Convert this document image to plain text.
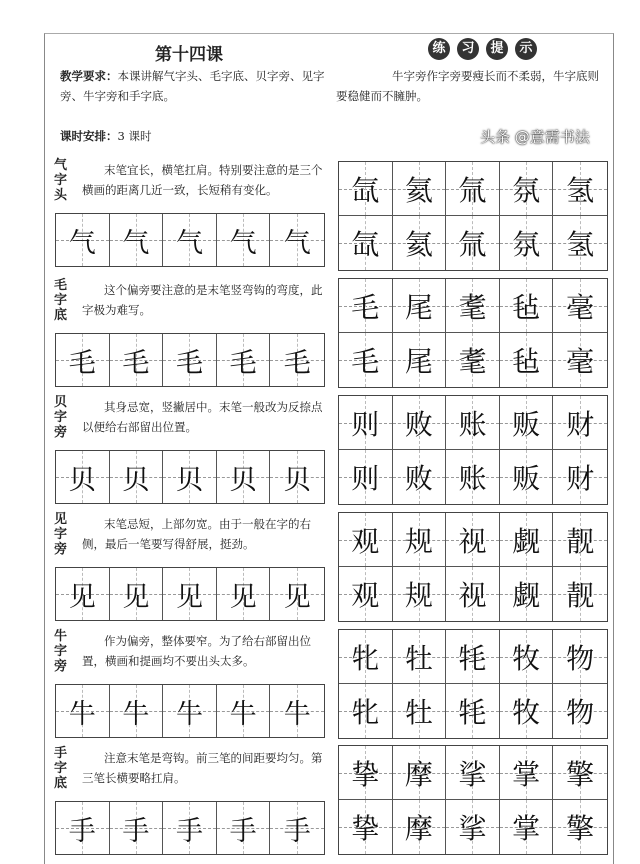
第十四课
教学要求：本课讲解气字头、毛字底、贝字旁、见字旁、牛字旁和手字底。
课时安排：3 课时
练	习	提	示
牛字旁作字旁要瘦长而不柔弱，牛字底则要稳健而不臃肿。
气字头
末笔宜长，横笔扛肩。特别要注意的是三个横画的距离几近一致，长短稍有变化。
气 气 气 气 气
氙 氦 氚 氛 氢
氙 氦 氚 氛 氢
毛字底
这个偏旁要注意的是末笔竖弯钩的弯度，此字极为难写。
毛 毛 毛 毛 毛
毛 尾 耄 毡 毫
毛 尾 耄 毡 毫
贝字旁
其身忌宽，竖撇居中。末笔一般改为反捺点以便给右部留出位置。
贝 贝 贝 贝 贝
则 败 账 贩 财
则 败 账 贩 财
见字旁
末笔忌短，上部勿宽。由于一般在字的右侧，最后一笔要写得舒展，挺劲。
见 见 见 见 见
观 规 视 觑 靓
观 规 视 觑 靓
牛字旁
作为偏旁，整体要窄。为了给右部留出位置，横画和提画均不要出头太多。
牛 牛 牛 牛 牛
牝 牡 牦 牧 物
牝 牡 牦 牧 物
手字底
注意末笔是弯钩。前三笔的间距要均匀。第三笔长横要略扛肩。
手 手 手 手 手
挚 摩 挲 掌 擎
挚 摩 挲 掌 擎
头条 @意需书法
